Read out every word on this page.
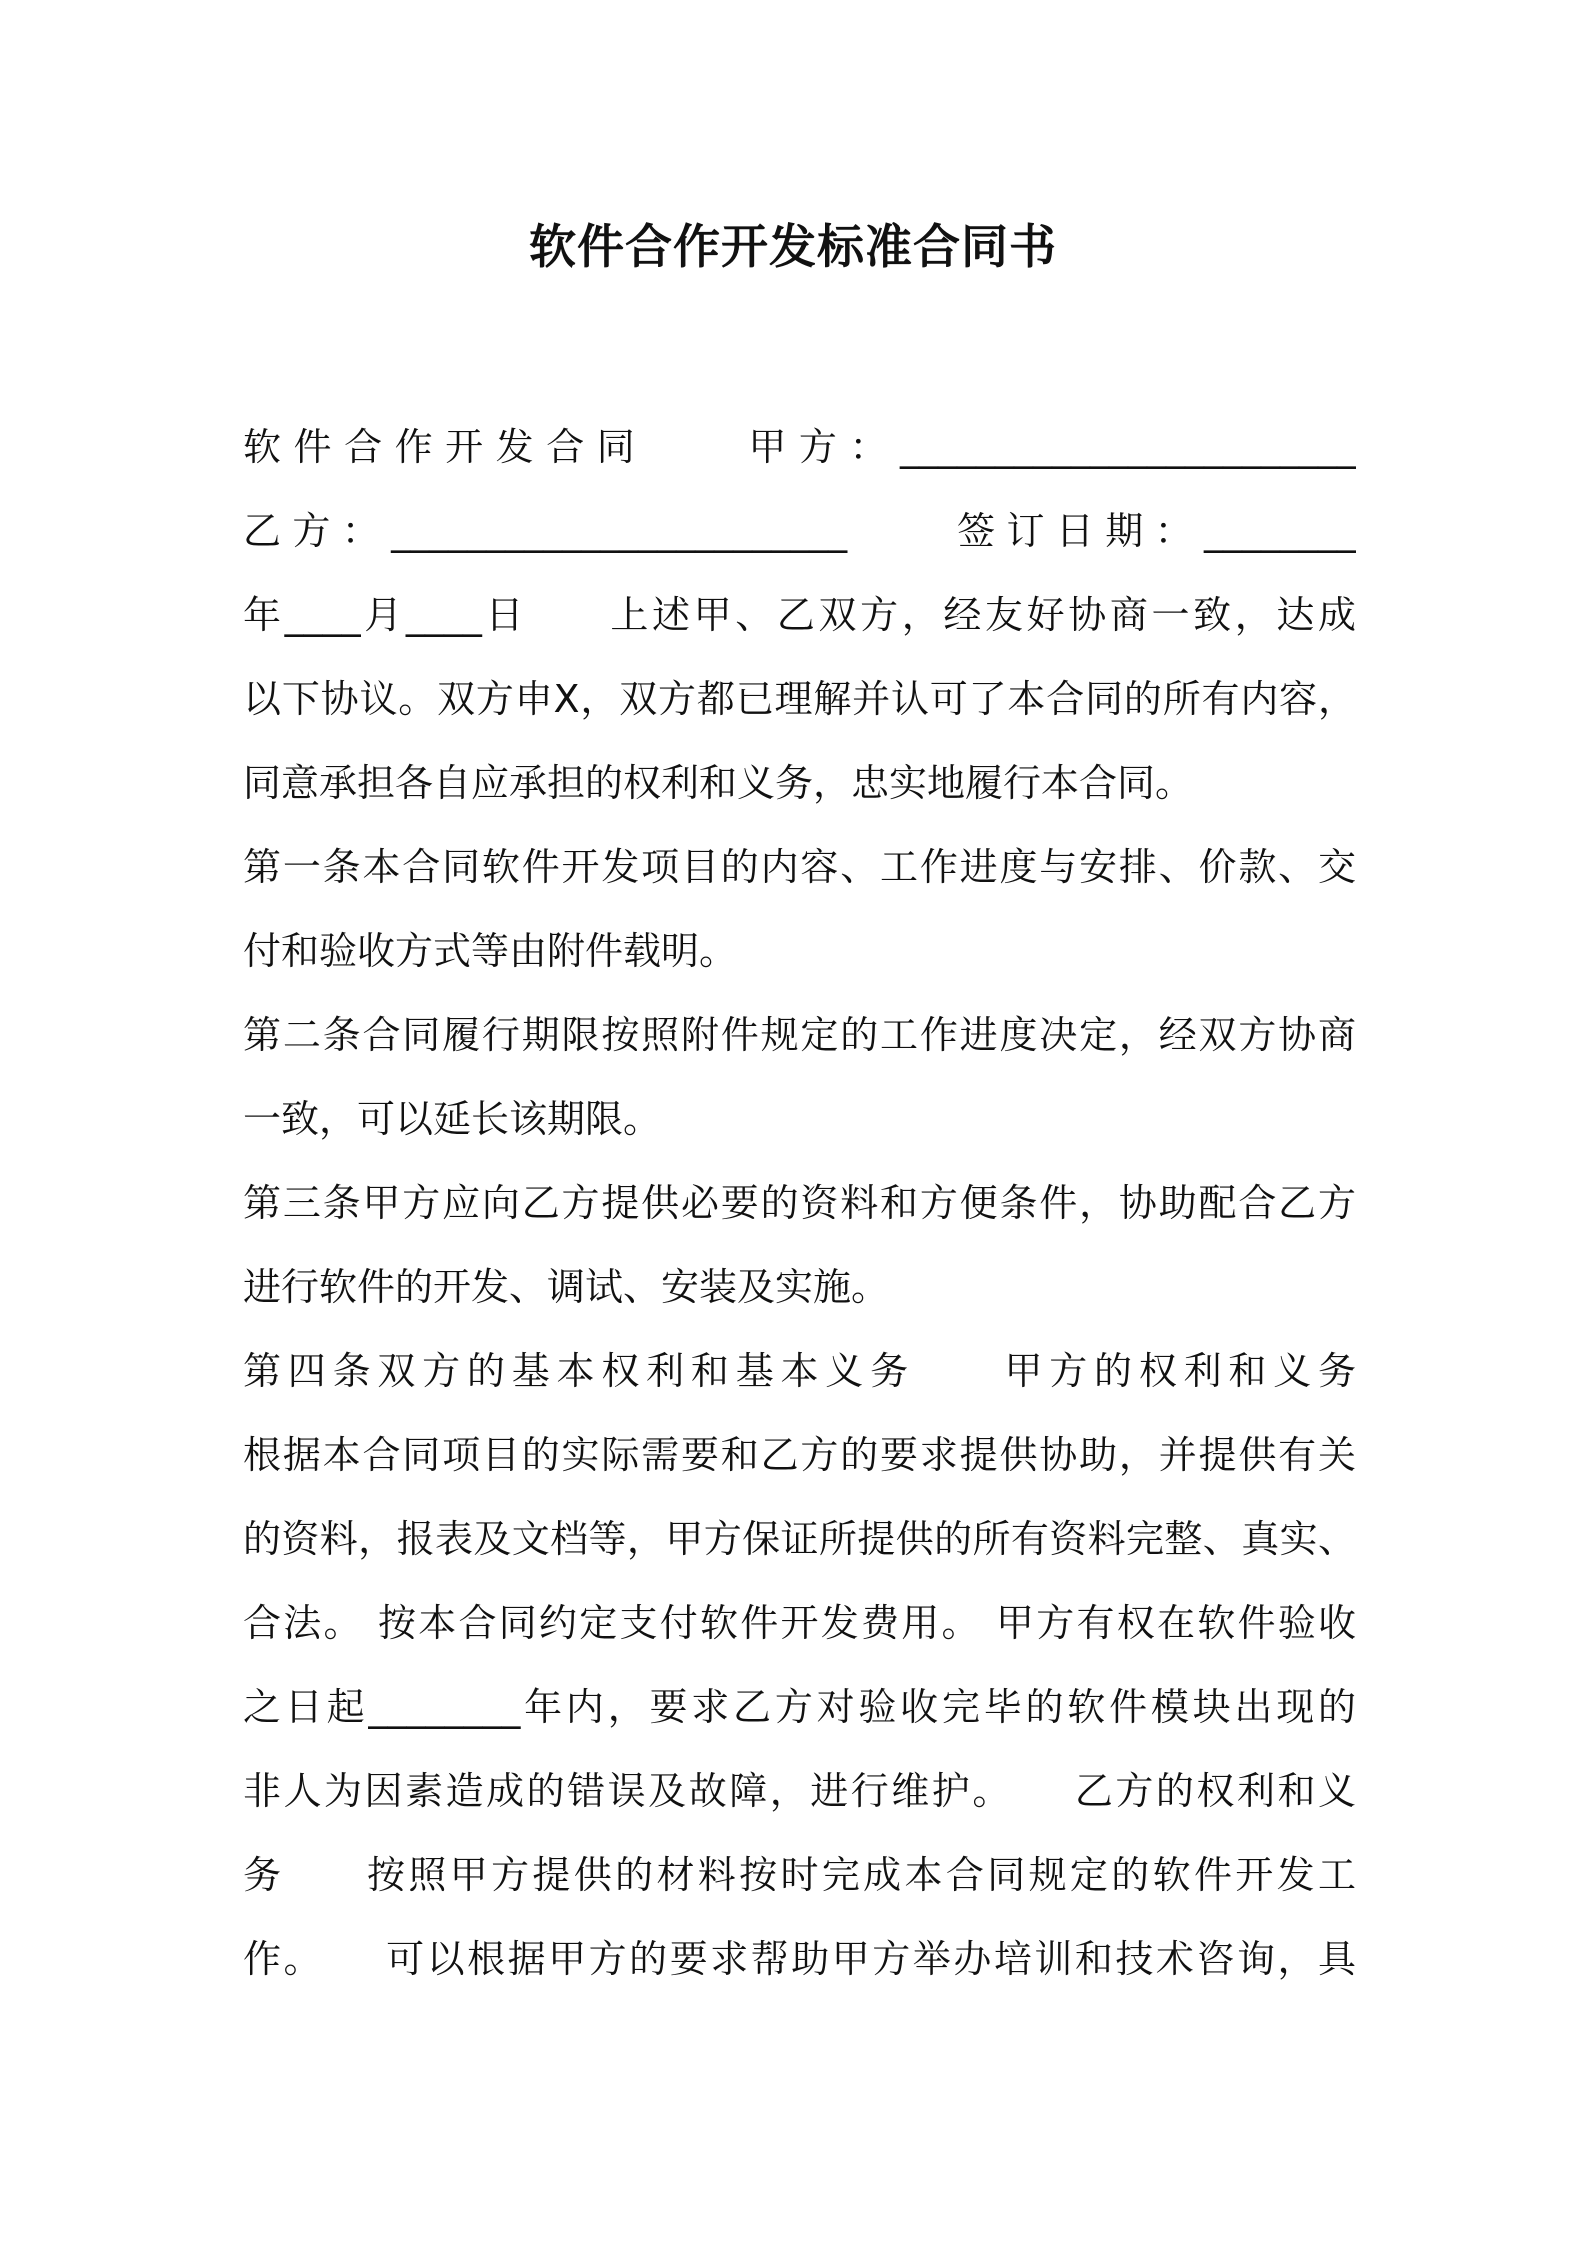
软件合作开发标准合同书
软件合作开发合同　　甲方：________________________
乙方：________________________　　签订日期：________
年____月____日　　上述甲、乙双方，经友好协商一致，达成
以下协议。双方申X，双方都已理解并认可了本合同的所有内容，
同意承担各自应承担的权利和义务，忠实地履行本合同。
第一条本合同软件开发项目的内容、工作进度与安排、价款、交
付和验收方式等由附件载明。
第二条合同履行期限按照附件规定的工作进度决定，经双方协商
一致，可以延长该期限。
第三条甲方应向乙方提供必要的资料和方便条件，协助配合乙方
进行软件的开发、调试、安装及实施。
第四条双方的基本权利和基本义务　　甲方的权利和义务
根据本合同项目的实际需要和乙方的要求提供协助，并提供有关
的资料，报表及文档等，甲方保证所提供的所有资料完整、真实、
合法。 按本合同约定支付软件开发费用。 甲方有权在软件验收
之日起________年内，要求乙方对验收完毕的软件模块出现的
非人为因素造成的错误及故障，进行维护。　　乙方的权利和义
务　　按照甲方提供的材料按时完成本合同规定的软件开发工
作。　　可以根据甲方的要求帮助甲方举办培训和技术咨询，具
